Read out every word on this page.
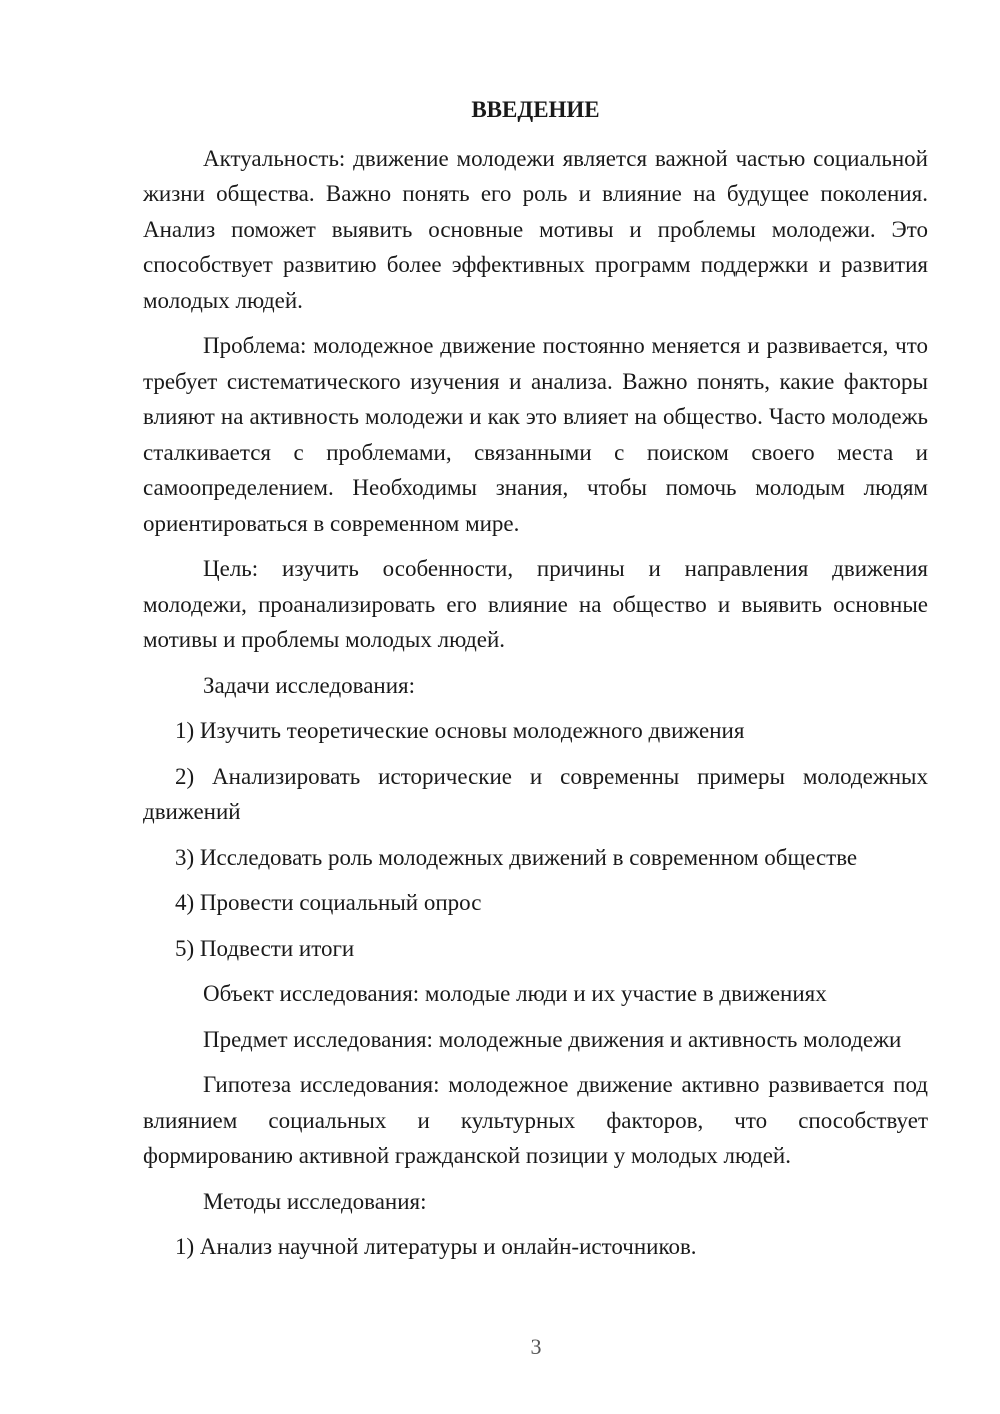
ВВЕДЕНИЕ

Актуальность: движение молодежи является важной частью социальной жизни общества. Важно понять его роль и влияние на будущее поколения. Анализ поможет выявить основные мотивы и проблемы молодежи. Это способствует развитию более эффективных программ поддержки и развития молодых людей.

Проблема: молодежное движение постоянно меняется и развивается, что требует систематического изучения и анализа. Важно понять, какие факторы влияют на активность молодежи и как это влияет на общество. Часто молодежь сталкивается с проблемами, связанными с поиском своего места и самоопределением. Необходимы знания, чтобы помочь молодым людям ориентироваться в современном мире.

Цель: изучить особенности, причины и направления движения молодежи, проанализировать его влияние на общество и выявить основные мотивы и проблемы молодых людей.

Задачи исследования:

1) Изучить теоретические основы молодежного движения

2) Анализировать исторические и современны примеры молодежных движений

3) Исследовать роль молодежных движений в современном обществе

4) Провести социальный опрос

5) Подвести итоги

Объект исследования: молодые люди и их участие в движениях

Предмет исследования: молодежные движения и активность молодежи

Гипотеза исследования: молодежное движение активно развивается под влиянием социальных и культурных факторов, что способствует формированию активной гражданской позиции у молодых людей.

Методы исследования:

1) Анализ научной литературы и онлайн-источников.

3
